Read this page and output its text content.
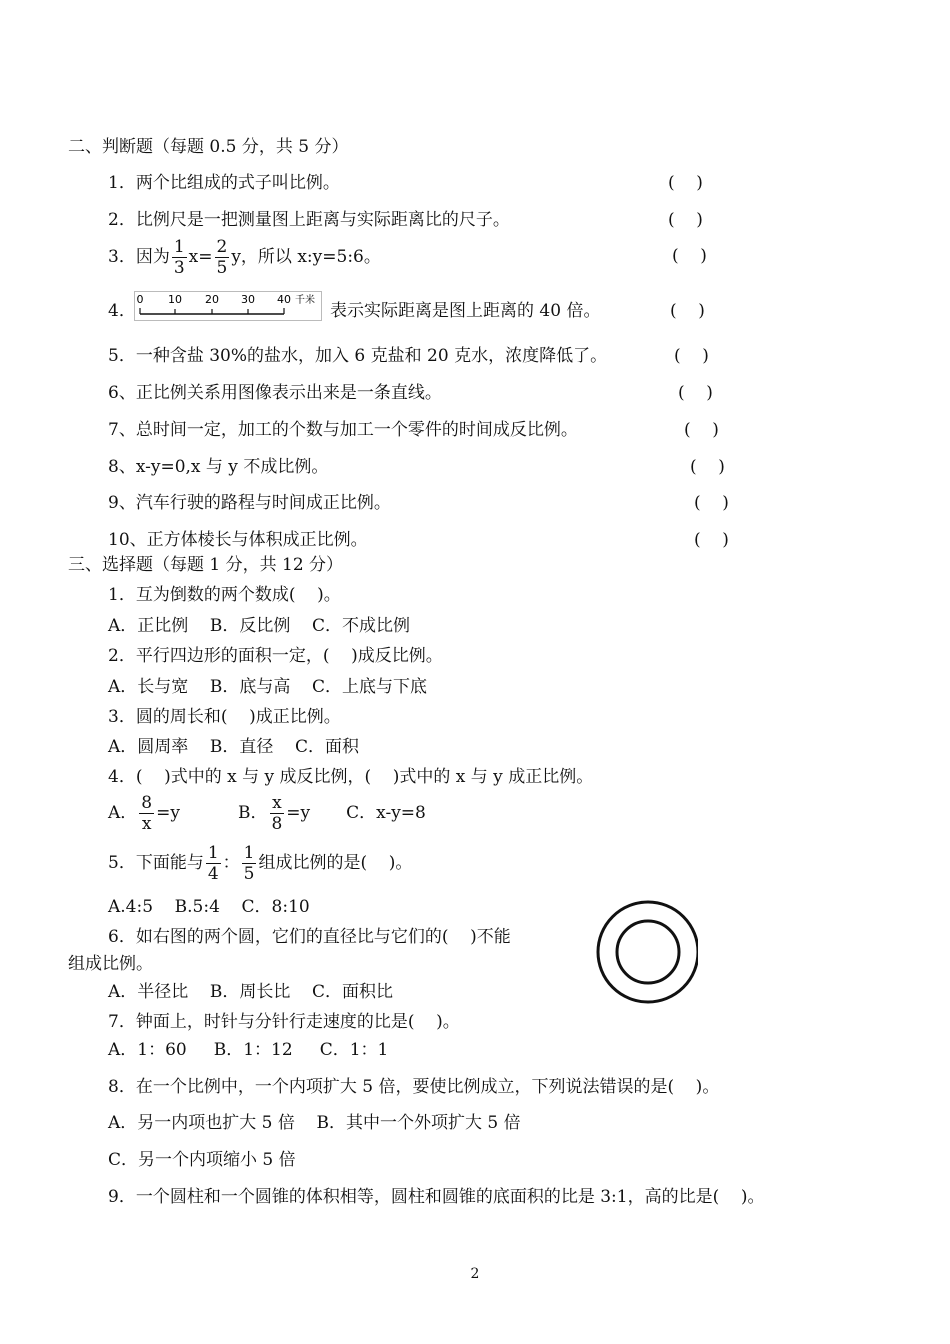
二、判断题（每题 0.5 分，共 5 分）
1．两个比组成的式子叫比例。	(    )
2．比例尺是一把测量图上距离与实际距离比的尺子。	(    )
3．因为 $\frac{1}{3} x= \frac{2}{5}$ y，所以 x:y=5:6。	(    )
4．
0 10 20 30 40 千米
表示实际距离是图上距离的 40 倍。	(    )
5．一种含盐 30%的盐水，加入 6 克盐和 20 克水，浓度降低了。	(    )
6、正比例关系用图像表示出来是一条直线。	(    )
7、总时间一定，加工的个数与加工一个零件的时间成反比例。	(    )
8、x-y=0,x 与 y 不成比例。	(    )
9、汽车行驶的路程与时间成正比例。	(    )
10、正方体棱长与体积成正比例。	(    )
三、选择题（每题 1 分，共 12 分）
1．互为倒数的两个数成(    )。
A．正比例    B．反比例    C．不成比例
2．平行四边形的面积一定，(    )成反比例。
A．长与宽    B．底与高    C．上底与下底
3．圆的周长和(    )成正比例。
A．圆周率    B．直径    C．面积
4．(    )式中的 x 与 y 成反比例，(    )式中的 x 与 y 成正比例。
A． $\frac{8}{x} =y$	B． $\frac{x}{8} =y$ C．x-y=8
5．下面能与 $\frac{1}{4}$ ： $\frac{1}{5}$ 组成比例的是(    )。
A.4:5    B.5:4    C．8:10
6．如右图的两个圆，它们的直径比与它们的(    )不能
组成比例。
A．半径比    B．周长比    C．面积比
7．钟面上，时针与分针行走速度的比是(    )。
A．1：60     B．1：12     C．1：1
8．在一个比例中，一个内项扩大 5 倍，要使比例成立，下列说法错误的是(    )。
A．另一内项也扩大 5 倍    B．其中一个外项扩大 5 倍
C．另一个内项缩小 5 倍
9．一个圆柱和一个圆锥的体积相等，圆柱和圆锥的底面积的比是 3:1，高的比是(    )。
2
